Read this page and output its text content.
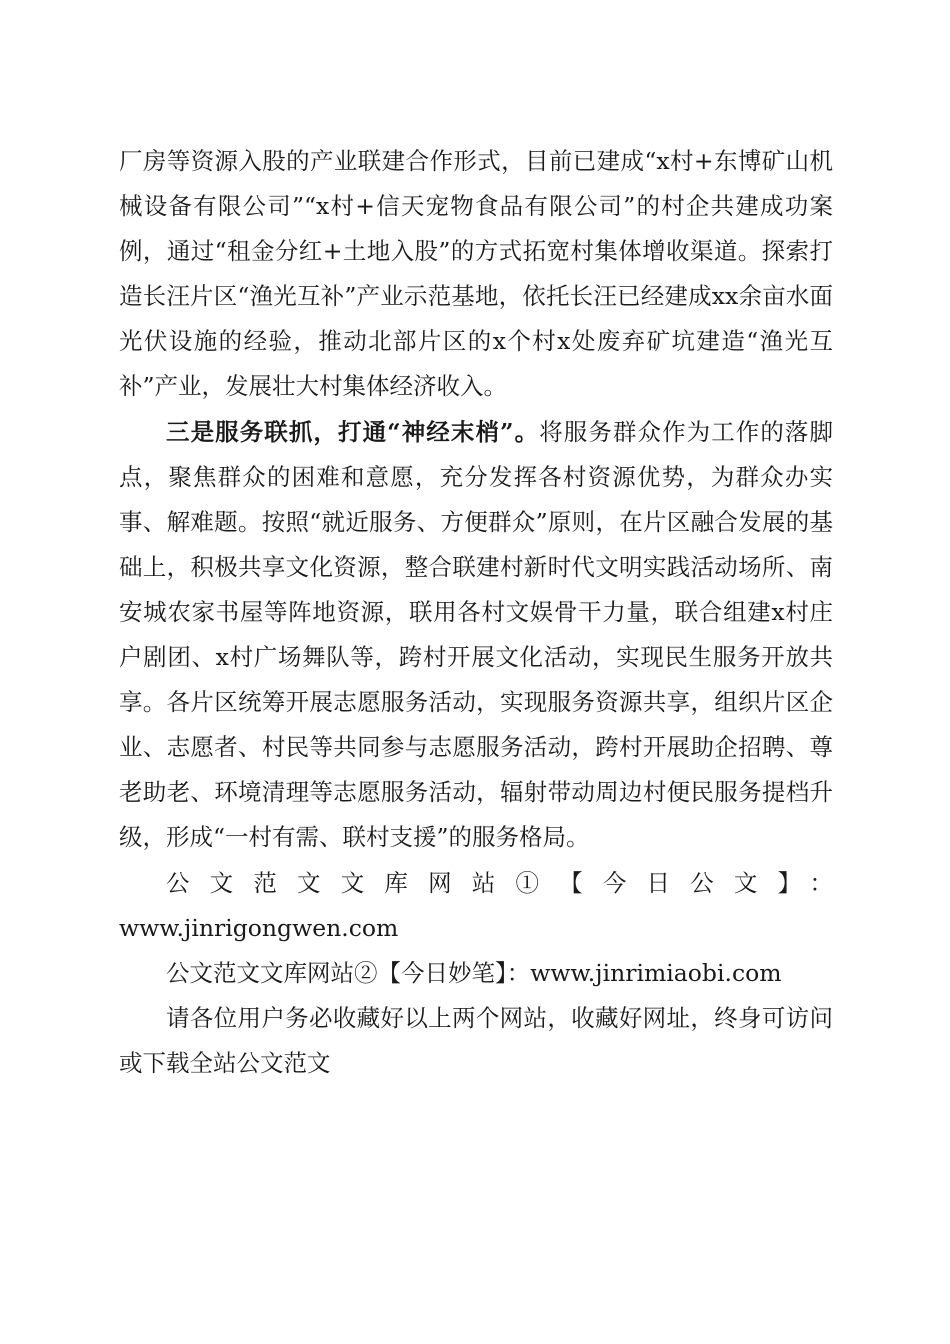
厂房等资源入股的产业联建合作形式，目前已建成“x村+东博矿山机械设备有限公司”“x村+信天宠物食品有限公司”的村企共建成功案例，通过“租金分红+土地入股”的方式拓宽村集体增收渠道。探索打造长汪片区“渔光互补”产业示范基地，依托长汪已经建成xx余亩水面光伏设施的经验，推动北部片区的x个村x处废弃矿坑建造“渔光互补”产业，发展壮大村集体经济收入。

三是服务联抓，打通“神经末梢”。将服务群众作为工作的落脚点，聚焦群众的困难和意愿，充分发挥各村资源优势，为群众办实事、解难题。按照“就近服务、方便群众”原则，在片区融合发展的基础上，积极共享文化资源，整合联建村新时代文明实践活动场所、南安城农家书屋等阵地资源，联用各村文娱骨干力量，联合组建x村庄户剧团、x村广场舞队等，跨村开展文化活动，实现民生服务开放共享。各片区统筹开展志愿服务活动，实现服务资源共享，组织片区企业、志愿者、村民等共同参与志愿服务活动，跨村开展助企招聘、尊老助老、环境清理等志愿服务活动，辐射带动周边村便民服务提档升级，形成“一村有需、联村支援”的服务格局。

公文范文文库网站①【今日公文】：

www.jinrigongwen.com

公文范文文库网站②【今日妙笔】：www.jinrimiaobi.com

请各位用户务必收藏好以上两个网站，收藏好网址，终身可访问或下载全站公文范文
